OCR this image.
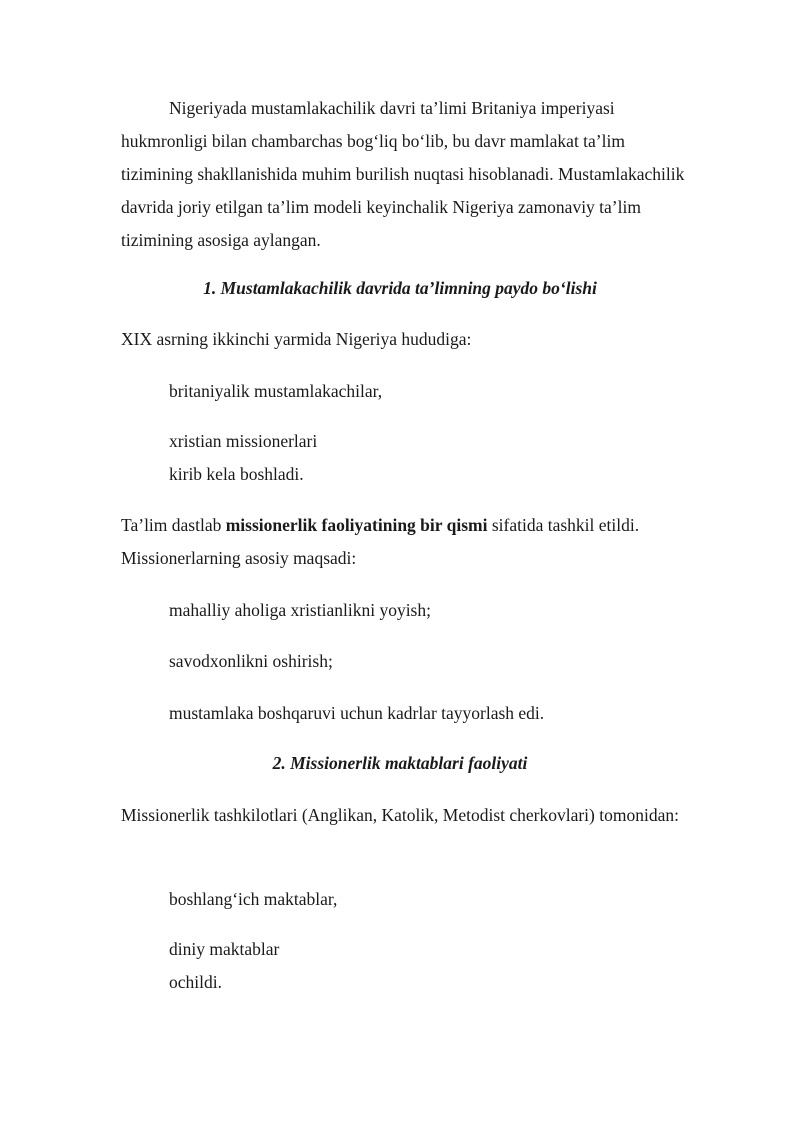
Nigeriyada mustamlakachilik davri ta’limi Britaniya imperiyasi hukmronligi bilan chambarchas bog‘liq bo‘lib, bu davr mamlakat ta’lim tizimining shakllanishida muhim burilish nuqtasi hisoblanadi. Mustamlakachilik davrida joriy etilgan ta’lim modeli keyinchalik Nigeriya zamonaviy ta’lim tizimining asosiga aylangan.

1. Mustamlakachilik davrida ta’limning paydo bo‘lishi

XIX asrning ikkinchi yarmida Nigeriya hududiga:

britaniyalik mustamlakachilar,

xristian missionerlari

kirib kela boshladi.

Ta’lim dastlab missionerlik faoliyatining bir qismi sifatida tashkil etildi. Missionerlarning asosiy maqsadi:

mahalliy aholiga xristianlikni yoyish;

savodxonlikni oshirish;

mustamlaka boshqaruvi uchun kadrlar tayyorlash edi.

2. Missionerlik maktablari faoliyati

Missionerlik tashkilotlari (Anglikan, Katolik, Metodist cherkovlari) tomonidan:

boshlang‘ich maktablar,

diniy maktablar

ochildi.
